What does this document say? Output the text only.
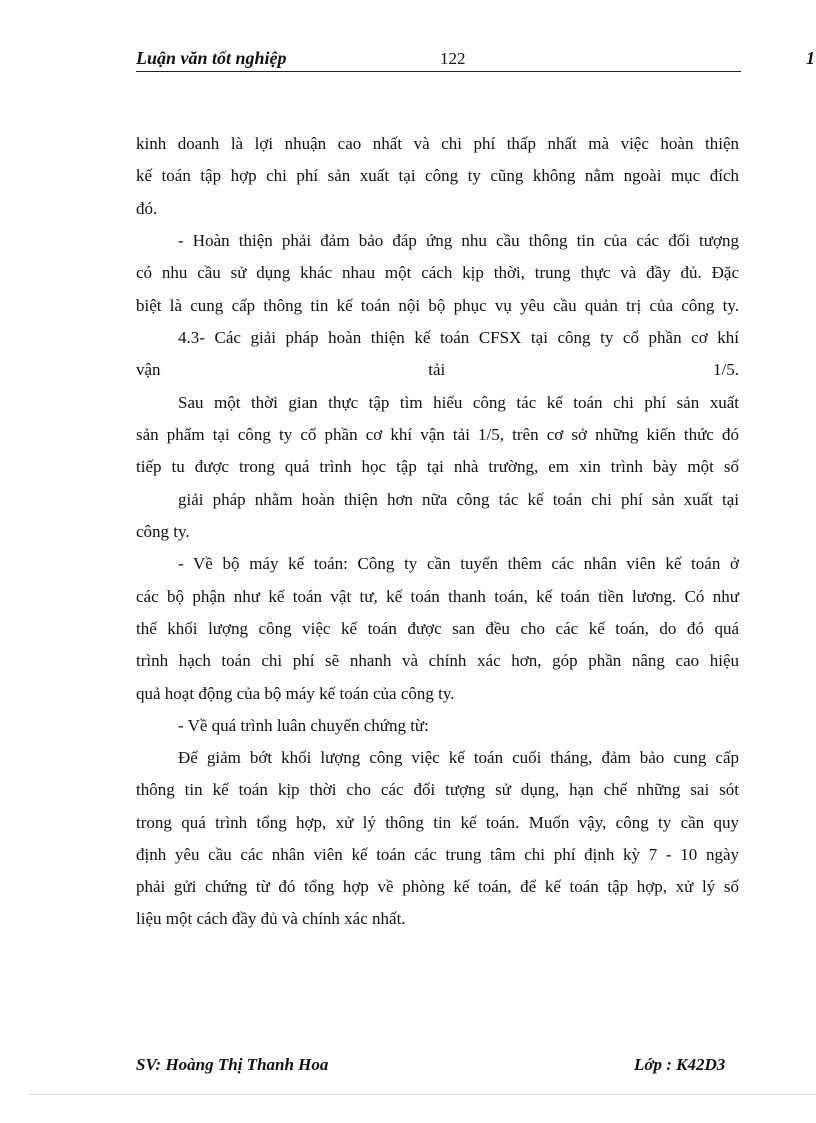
Luận văn tốt nghiệp	122	1
kinh doanh là lợi nhuận cao nhất và chi phí thấp nhất mà việc hoàn thiện
kế toán tập hợp chi phí sản xuất tại công ty cũng không nằm ngoài mục đích
đó.
- Hoàn thiện phải đảm bảo đáp ứng nhu cầu thông tin của các đối tượng
có nhu cầu sử dụng khác nhau một cách kịp thời, trung thực và đầy đủ. Đặc
biệt là cung cấp thông tin kế toán nội bộ phục vụ yêu cầu quản trị của công ty.
4.3- Các giải pháp hoàn thiện kế toán CFSX tại công ty cổ phần cơ khí
vận tải 1/5.
Sau một thời gian thực tập tìm hiểu công tác kế toán chi phí sản xuất
sản phẩm tại công ty cổ phần cơ khí vận tải 1/5, trên cơ sở những kiến thức đó
tiếp tu được trong quá trình học tập tại nhà trường, em xin trình bày một số
giải pháp nhằm hoàn thiện hơn nữa công tác kế toán chi phí sản xuất tại
công ty.
- Về bộ máy kế toán: Công ty cần tuyển thêm các nhân viên kế toán ở
các bộ phận như kế toán vật tư, kế toán thanh toán, kế toán tiền lương. Có như
thế khối lượng công việc kế toán được san đều cho các kế toán, do đó quá
trình hạch toán chi phí sẽ nhanh và chính xác hơn, góp phần nâng cao hiệu
quả hoạt động của bộ máy kế toán của công ty.
- Về quá trình luân chuyển chứng từ:
Để giảm bớt khối lượng công việc kế toán cuối tháng, đảm bảo cung cấp
thông tin kế toán kịp thời cho các đối tượng sử dụng, hạn chế những sai sót
trong quá trình tổng hợp, xử lý thông tin kế toán. Muốn vậy, công ty cần quy
định yêu cầu các nhân viên kế toán các trung tâm chi phí định kỳ 7 - 10 ngày
phải gửi chứng từ đó tổng hợp về phòng kế toán, để kế toán tập hợp, xử lý số
liệu một cách đầy đủ và chính xác nhất.
SV: Hoàng Thị Thanh Hoa	Lớp : K42D3
